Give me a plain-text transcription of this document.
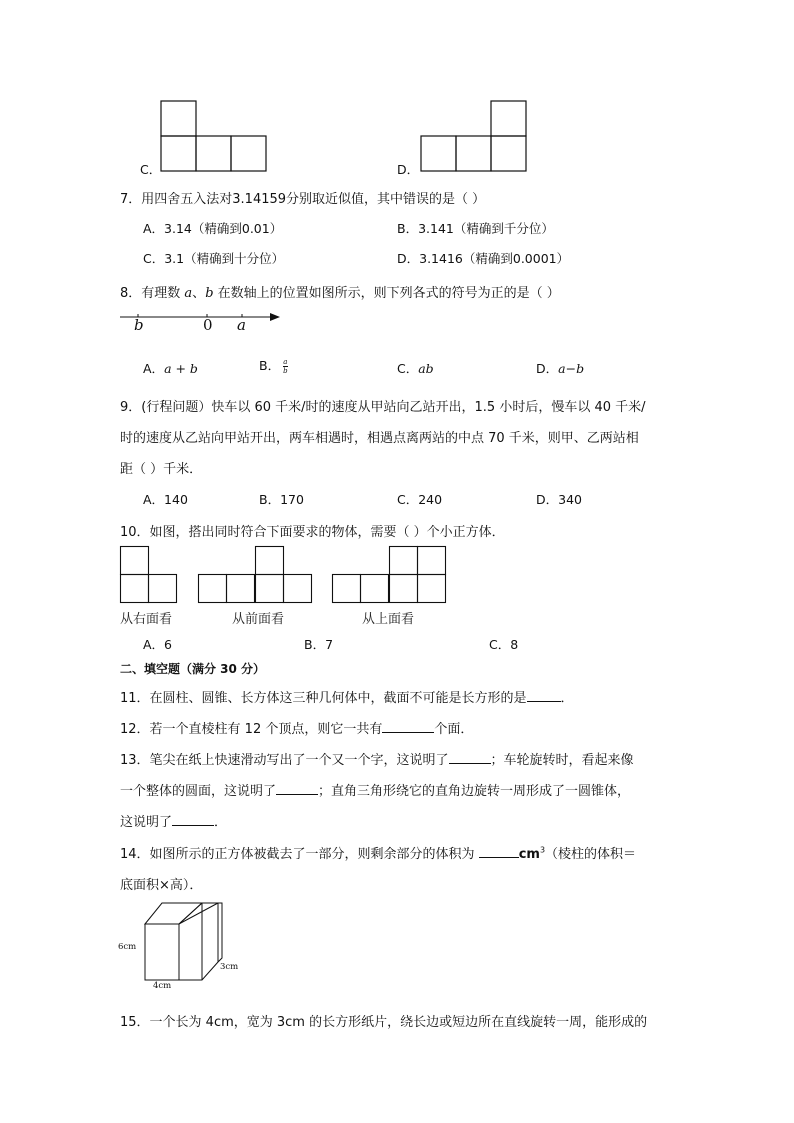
C．	D．
7．用四舍五入法对3.14159分别取近似值，其中错误的是（ ）
A．3.14（精确到0.01）	B．3.141（精确到千分位）
C．3.1（精确到十分位）	D．3.1416（精确到0.0001）
8．有理数 a、b 在数轴上的位置如图所示，则下列各式的符号为正的是（ ）
b	0 a
A．a + b	B． $\frac{a}{b}$	C．ab	D．a−b
9．(行程问题）快车以 60 千米/时的速度从甲站向乙站开出，1.5 小时后，慢车以 40 千米/
时的速度从乙站向甲站开出，两车相遇时，相遇点离两站的中点 70 千米，则甲、乙两站相
距（ ）千米．
A．140	B．170	C．240	D．340
10．如图，搭出同时符合下面要求的物体，需要（ ）个小正方体．
从右面看	从前面看	从上面看
A．6	B．7	C．8
二、填空题（满分 30 分）
11．在圆柱、圆锥、长方体这三种几何体中，截面不可能是长方形的是	．
12．若一个直棱柱有 12 个顶点，则它一共有	个面．
13．笔尖在纸上快速滑动写出了一个又一个字，这说明了	；车轮旋转时，看起来像
一个整体的圆面，这说明了	；直角三角形绕它的直角边旋转一周形成了一圆锥体，
这说明了	．
14．如图所示的正方体被截去了一部分，则剩余部分的体积为	$cm^3$（棱柱的体积＝
底面积×高）．
6cm
4cm
3cm
15．一个长为 4cm，宽为 3cm 的长方形纸片，绕长边或短边所在直线旋转一周，能形成的
